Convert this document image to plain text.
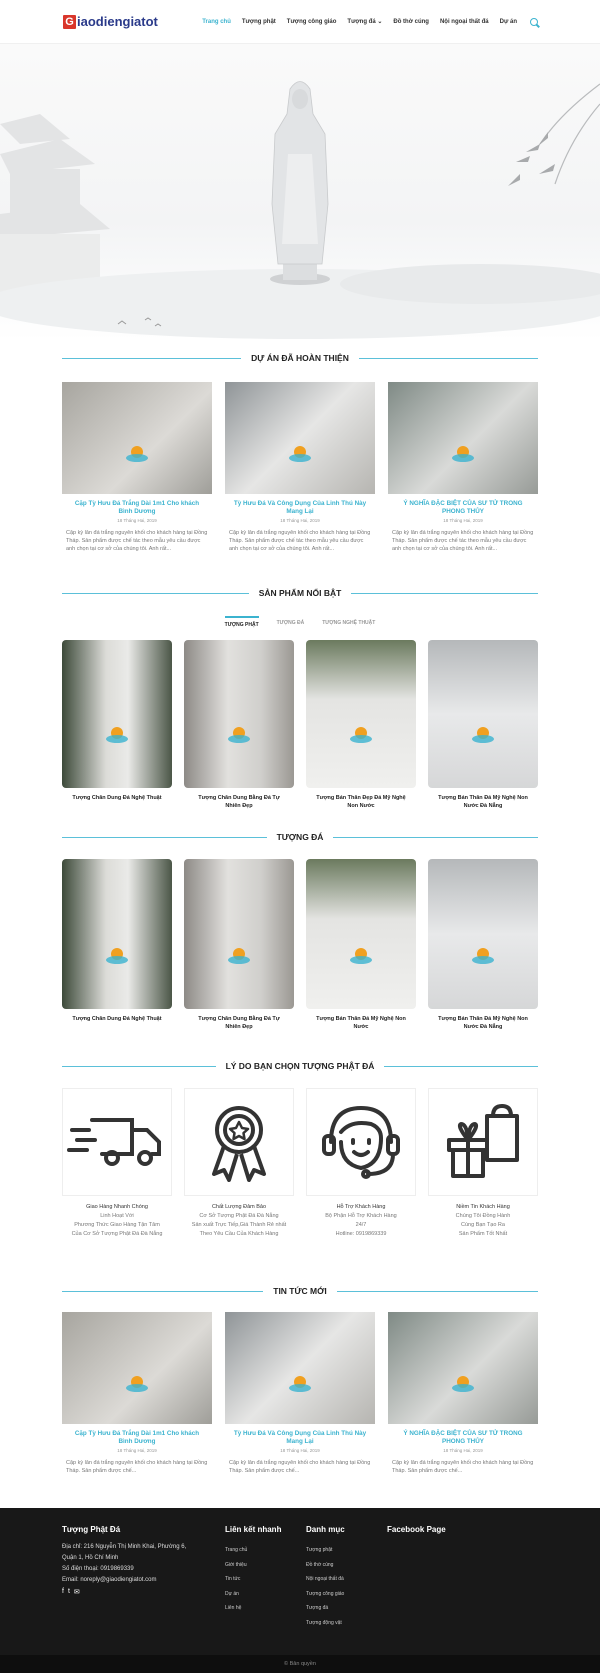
G iaodiengiatot	Trang chủ Tượng phật Tượng công giáo Tượng đá ⌄ Đồ thờ cúng Nội ngoại thất đá Dự án
DỰ ÁN ĐÃ HOÀN THIỆN
Cặp Tỳ Hưu Đá Trắng Dài 1m1 Cho khách Bình Dương
18 Tháng Hai, 2019
Cặp kỳ lân đá trắng nguyên khối cho khách hàng tại Đồng Tháp. Sản phẩm được chế tác theo mẫu yêu cầu được anh chọn tại cơ sở của chúng tôi. Anh rất...
Tỳ Hưu Đá Và Công Dụng Của Linh Thú Này Mang Lại
18 Tháng Hai, 2019
Cặp kỳ lân đá trắng nguyên khối cho khách hàng tại Đồng Tháp. Sản phẩm được chế tác theo mẫu yêu cầu được anh chọn tại cơ sở của chúng tôi. Anh rất...
Ý NGHĨA ĐẶC BIỆT CỦA SƯ TỬ TRONG PHONG THỦY
18 Tháng Hai, 2019
Cặp kỳ lân đá trắng nguyên khối cho khách hàng tại Đồng Tháp. Sản phẩm được chế tác theo mẫu yêu cầu được anh chọn tại cơ sở của chúng tôi. Anh rất...
SẢN PHẨM NỔI BẬT
TƯỢNG PHẬT	TƯỢNG ĐÁ	TƯỢNG NGHỆ THUẬT
Tượng Chân Dung Đá Nghệ Thuật	Tượng Chân Dung Bằng Đá Tự Nhiên Đẹp
Tượng Bán Thân Đẹp Đá Mỹ Nghệ Non Nước
Tượng Bán Thân Đá Mỹ Nghệ Non Nước Đà Nẵng
TƯỢNG ĐÁ
Tượng Chân Dung Đá Nghệ Thuật	Tượng Chân Dung Bằng Đá Tự Nhiên Đẹp
Tượng Bán Thân Đá Mỹ Nghệ Non Nước
Tượng Bán Thân Đá Mỹ Nghệ Non Nước Đà Nẵng
LÝ DO BẠN CHỌN TƯỢNG PHẬT ĐÁ
Giao Hàng Nhanh Chóng
Linh Hoạt Với
Phương Thức Giao Hàng Tận Tâm
Của Cơ Sở Tượng Phật Đá Đà Nẵng
Chất Lượng Đảm Bảo
Cơ Sở Tượng Phật Đá Đà Nẵng
Sản xuất Trực Tiếp,Giá Thành Rẻ nhất
Theo Yêu Cầu Của Khách Hàng
Hỗ Trợ Khách Hàng
Bộ Phận Hỗ Trợ Khách Hàng
24/7
Hotline: 0919869339
Niềm Tin Khách Hàng
Chúng Tôi Đồng Hành
Cùng Bạn Tạo Ra
Sản Phẩm Tốt Nhất
TIN TỨC MỚI
Cặp Tỳ Hưu Đá Trắng Dài 1m1 Cho khách Bình Dương
18 Tháng Hai, 2019
Cặp kỳ lân đá trắng nguyên khối cho khách hàng tại Đồng Tháp. Sản phẩm được chế...
Tỳ Hưu Đá Và Công Dụng Của Linh Thú Này Mang Lại
18 Tháng Hai, 2019
Cặp kỳ lân đá trắng nguyên khối cho khách hàng tại Đồng Tháp. Sản phẩm được chế...
Ý NGHĨA ĐẶC BIỆT CỦA SƯ TỬ TRONG PHONG THỦY
18 Tháng Hai, 2019
Cặp kỳ lân đá trắng nguyên khối cho khách hàng tại Đồng Tháp. Sản phẩm được chế...
Tượng Phật Đá

Địa chỉ: 216 Nguyễn Thị Minh Khai, Phường 6, Quận 1, Hồ Chí Minh

Số điện thoại: 0919869339

Email: noreply@giaodiengiatot.com

f t ✉
Liên kết nhanh
Trang chủ
Giới thiệu
Tin tức
Dự án
Liên hệ
Danh mục
Tượng phật
Đồ thờ cúng
Nội ngoại thất đá
Tượng công giáo
Tượng đá
Tượng động vật
Facebook Page
© Bản quyền
